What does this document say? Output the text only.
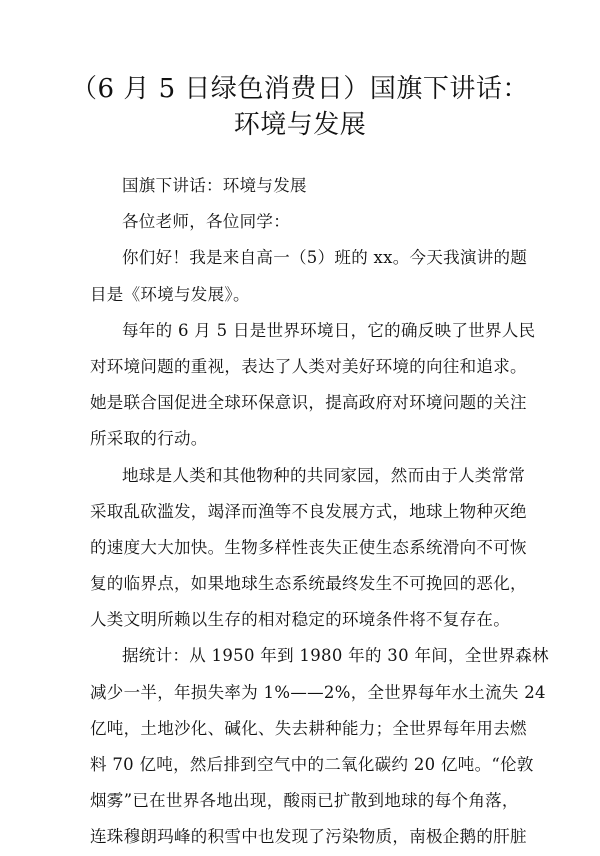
（6 月 5 日绿色消费日）国旗下讲话：
环境与发展
国旗下讲话：环境与发展
各位老师，各位同学：
你们好！我是来自高一（5）班的 xx。今天我演讲的题
目是《环境与发展》。
每年的 6 月 5 日是世界环境日，它的确反映了世界人民
对环境问题的重视，表达了人类对美好环境的向往和追求。
她是联合国促进全球环保意识，提高政府对环境问题的关注
所采取的行动。
地球是人类和其他物种的共同家园，然而由于人类常常
采取乱砍滥发，竭泽而渔等不良发展方式，地球上物种灭绝
的速度大大加快。生物多样性丧失正使生态系统滑向不可恢
复的临界点，如果地球生态系统最终发生不可挽回的恶化，
人类文明所赖以生存的相对稳定的环境条件将不复存在。
据统计：从 1950 年到 1980 年的 30 年间，全世界森林
减少一半，年损失率为 1%——2%，全世界每年水土流失 24
亿吨，土地沙化、碱化、失去耕种能力；全世界每年用去燃
料 70 亿吨，然后排到空气中的二氧化碳约 20 亿吨。“伦敦
烟雾”已在世界各地出现，酸雨已扩散到地球的每个角落，
连珠穆朗玛峰的积雪中也发现了污染物质，南极企鹅的肝脏
